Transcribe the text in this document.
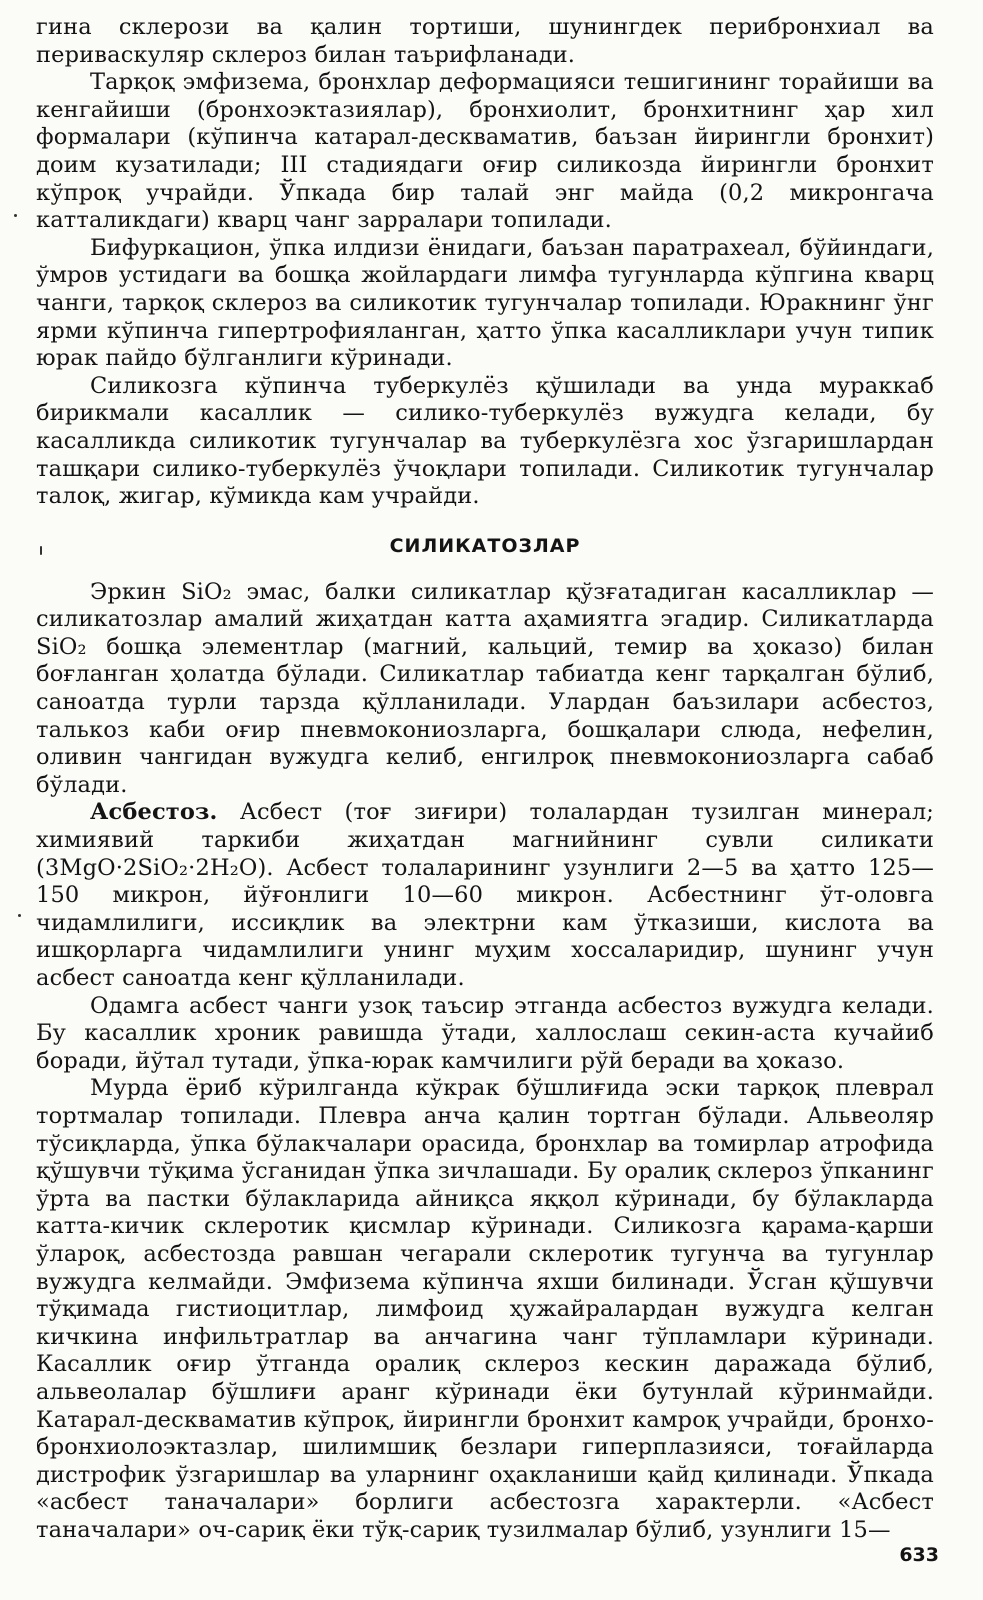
гина склерози ва қалин тортиши, шунингдек перибронхиал ва периваскуляр склероз билан таърифланади.

Тарқоқ эмфизема, бронхлар деформацияси тешигининг торайиши ва кенгайиши (бронхоэктазиялар), бронхиолит, бронхитнинг ҳар хил формалари (кўпинча катарал-десквамaтив, баъзан йирингли бронхит) доим кузатилади; III стадиядаги оғир силикозда йирингли бронхит кўпроқ учрайди. Ўпкада бир талай энг майда (0,2 микронгача катталикдаги) кварц чанг зарралари топилади.

Бифуркацион, ўпка илдизи ёнидаги, баъзан паратрахеал, бўйиндаги, ўмров устидаги ва бошқа жойлардаги лимфа тугунларда кўпгина кварц чанги, тарқоқ склероз ва силикотик тугунчалар топилади. Юракнинг ўнг ярми кўпинча гипертрофияланган, ҳатто ўпка касалликлари учун типик юрак пайдо бўлганлиги кўринади.

Силикозга кўпинча туберкулёз қўшилади ва унда мураккаб бирикмали касаллик — силико-туберкулёз вужудга келади, бу касалликда силикотик тугунчалар ва туберкулёзга хос ўзгаришлардан ташқари силико-туберкулёз ўчоқлари топилади. Силикотик тугунчалар талоқ, жигар, кўмикда кам учрайди.

СИЛИКАТОЗЛАР

Эркин SiO₂ эмас, балки силикатлар қўзғатадиган касалликлар — силикатозлар амалий жиҳатдан катта аҳамиятга эгадир. Силикатларда SiO₂ бошқа элементлар (магний, кальций, темир ва ҳоказо) билан боғланган ҳолатда бўлади. Силикатлар табиатда кенг тарқалган бўлиб, саноатда турли тарзда қўлланилади. Улардан баъзилари асбестоз, талькоз каби оғир пневмокониозларга, бошқалари слюда, нефелин, оливин чангидан вужудга келиб, енгилроқ пневмокониозларга сабаб бўлади.

Асбестоз. Асбест (тоғ зиғири) толалардан тузилган минерал; химиявий таркиби жиҳатдан магнийнинг сувли силикати (3MgO·2SiO₂·2H₂O). Асбест толаларининг узунлиги 2—5 ва ҳатто 125—150 микрон, йўғонлиги 10—60 микрон. Асбестнинг ўт-оловга чидамлилиги, иссиқлик ва электрни кам ўтказиши, кислота ва ишқорларга чидамлилиги унинг муҳим хоссаларидир, шунинг учун асбест саноатда кенг қўлланилади.

Одамга асбест чанги узоқ таъсир этганда асбестоз вужудга келади. Бу касаллик хроник равишда ўтади, халлослаш секин-аста кучайиб боради, йўтал тутади, ўпка-юрак камчилиги рўй беради ва ҳоказо.

Мурда ёриб кўрилганда кўкрак бўшлиғида эски тарқоқ плеврал тортмалар топилади. Плевра анча қалин тортган бўлади. Альвеоляр тўсиқларда, ўпка бўлакчалари орасида, бронхлар ва томирлар атрофида қўшувчи тўқима ўсганидан ўпка зичлашади. Бу оралиқ склероз ўпканинг ўрта ва пастки бўлакларида айниқса яққол кўринади, бу бўлакларда катта-кичик склеротик қисмлар кўринади. Силикозга қарама-қарши ўлароқ, асбестозда равшан чегарали склеротик тугунча ва тугунлар вужудга келмайди. Эмфизема кўпинча яхши билинади. Ўсган қўшувчи тўқимада гистиоцитлар, лимфоид ҳужайралардан вужудга келган кичкина инфильтратлар ва анчагина чанг тўпламлари кўринади. Касаллик оғир ўтганда оралиқ склероз кескин даражада бўлиб, альвеолалар бўшлиғи аранг кўринади ёки бутунлай кўринмайди. Катарал-десквамaтив кўпроқ, йирингли бронхит камроқ учрайди, бронхо-бронхиолоэктазлар, шилимшиқ безлари гиперплазияси, тоғайларда дистрофик ўзгаришлар ва уларнинг оҳакланиши қайд қилинади. Ўпкада «асбест таначалари» борлиги асбестозга характерли. «Асбест таначалари» оч-сариқ ёки тўқ-сариқ тузилмалар бўлиб, узунлиги 15—

633
